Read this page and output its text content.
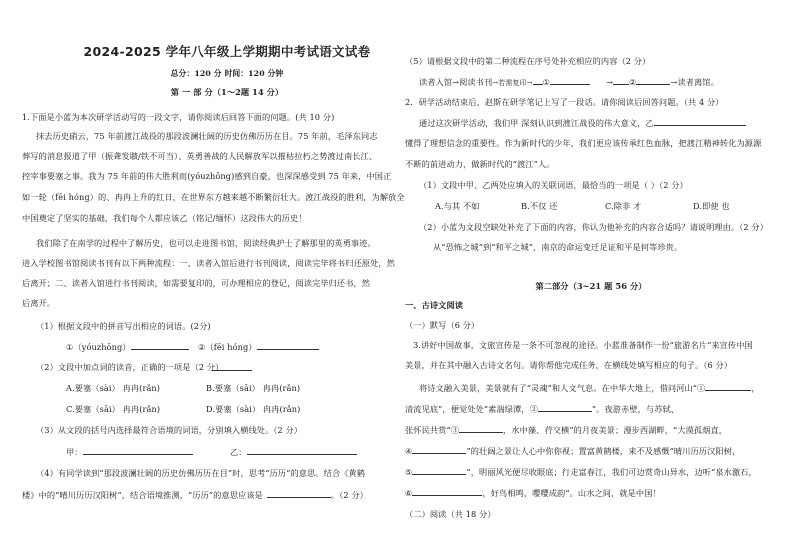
2024-2025 学年八年级上学期期中考试语文试卷
总分：120 分 时间：120 分钟
第 一 部 分（1～2题 14 分）
1.下面是小蓝为本次研学活动写的一段文字，请你阅读后回答下面的问题。(共 10 分)
抹去历史硝云，75 年前渡江战役的那段波澜壮阔的历史仿佛历历在目。75 年前，毛泽东同志
葬写的消息报道了甲（振聋发聩/铁不可当）、英勇善战的人民解放军以摧枯拉朽之势渡过南长江、
控宰事要塞之事。我为 75 年前的伟大胜利而(yóuzhōng)感到自豪，也深深感受到 75 年来，中国正
如一轮（fēi hóng）的、冉冉上升的红日，在世界东方越来越不断繁衍壮大。渡江战役的胜利，为解放全
中国奠定了坚实的基础，我们每个人都应该乙（铭记/缅怀）这段伟大的历史！
我们除了在南学的过程中了解历史，也可以走进图书馆，阅读经典护士了解那里的英勇事迹。
进入学校图书馆阅读书刊有以下两种流程：一、读者入馆后进行书刊阅读，阅读完毕将书归还原处，然
后离开；二、读者入馆进行书刊阅读，如需要复印的，可办理相应的登记，阅读完毕归还书，然
后离开。
（1）根据文段中的拼音写出相应的词语。(2分)
①（yóuzhōng）	②（fēi hóng）
（2）文段中加点词的读音，正确的一项是（2 分）
A.要塞（sài） 冉冉(rǎn)	B.要塞（sāi） 冉冉(rǎn)
C.要塞（sāi） 冉冉(rǎn)	D.要塞（sài） 冉冉(rǎn)
（3）从文段的括号内选择最符合语境的词语，分别填入横线处。（2 分）
甲：	乙：
（4）有同学读到“那段波澜壮阔的历史仿佛历历在目”时，思考“历历”的意思。结合《黄鹤
楼》中的“晴川历历汉阳树”，结合语境推测，“历历”的意思应该是	。（2 分）
（5）请根据文段中的第二种流程在序号处补充相应的内容（2 分）
读者入馆→阅读书刊→若需复印→ ①	→ ②	→读者离馆。
2．研学活动结束后，赵斯在研学笔记上写了一段话。请你阅读后回答问题。（共 4 分）
通过这次研学活动，我们甲 深刻认识到渡江战役的伟大意义，乙
懂得了理想信念的重要性。作为新时代的少年，我们更应该传承红色血脉，把渡江精神转化为源源
不断的前进动力，做新时代的“渡江”人。
（1）文段中甲、乙两处应填入的关联词语，最恰当的一项是（ ）（2 分）
A.与其 不如	B.不仅 还	C.除非 才	D.即使 也
（2）小蓝为文段空缺处补充了下面的内容，你认为他补充的内容合适吗？请说明理由。（2 分）
从“恐怖之城”到“和平之城”，南京的命运变迁足证和平是何等珍贵。
第二部分（3~21 题 56 分）
一、古诗文阅读
（一）默写（6 分）
3.讲好中国故事，文旅宣传是一条不可忽视的途径。小蓝准备制作一份“旅游名片”来宣传中国
美景，并在其中融入古诗文名句。请你帮他完成任务，在横线处填写相应的句子。（6 分）
将诗文融入美景，美景就有了“灵魂”和人文气息。在中华大地上，借问河山“①	，
清流见底”，便觉处处“素湍绿潭，②	”。夜游赤壁，与苏轼、
张怀民共赏“③	，水中藻、荇交横”的月夜美景；漫步西湖畔，“大漠孤烟直，
④	”的壮阔之景让人心中你你视；置富黄鹤楼，来不及感慨“晴川历历汉阳树，
⑤	”，明丽风光便尽收眼底；行走富春江，我们可边赏奇山异水，边听“泉水激石，
⑥	，好鸟相鸣，嘤嘤成韵”。山水之间，就是中国！
（二）阅读（共 18 分）
